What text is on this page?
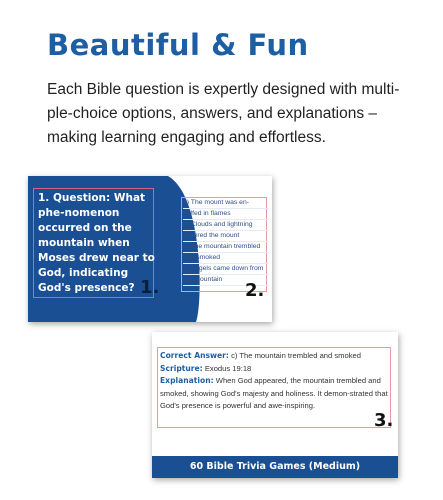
Beautiful & Fun

Each Bible question is expertly designed with multi-ple-choice options, answers, and explanations – making learning engaging and effortless.

1. Question: What phe-nomenon occurred on the mountain when Moses drew near to God, indicating God's presence? 1.
a) The mount was en-
gulfed in flames
b) Clouds and lightning
covered the mount
c) The mountain trembled
and smoked
d) Angels came down from
the mountain
2.

Correct Answer: c) The mountain trembled and smoked

Scripture: Exodus 19:18

Explanation: When God appeared, the mountain trembled and smoked, showing God's majesty and holiness. It demon-strated that God's presence is powerful and awe-inspiring.

3.
60 Bible Trivia Games (Medium)
